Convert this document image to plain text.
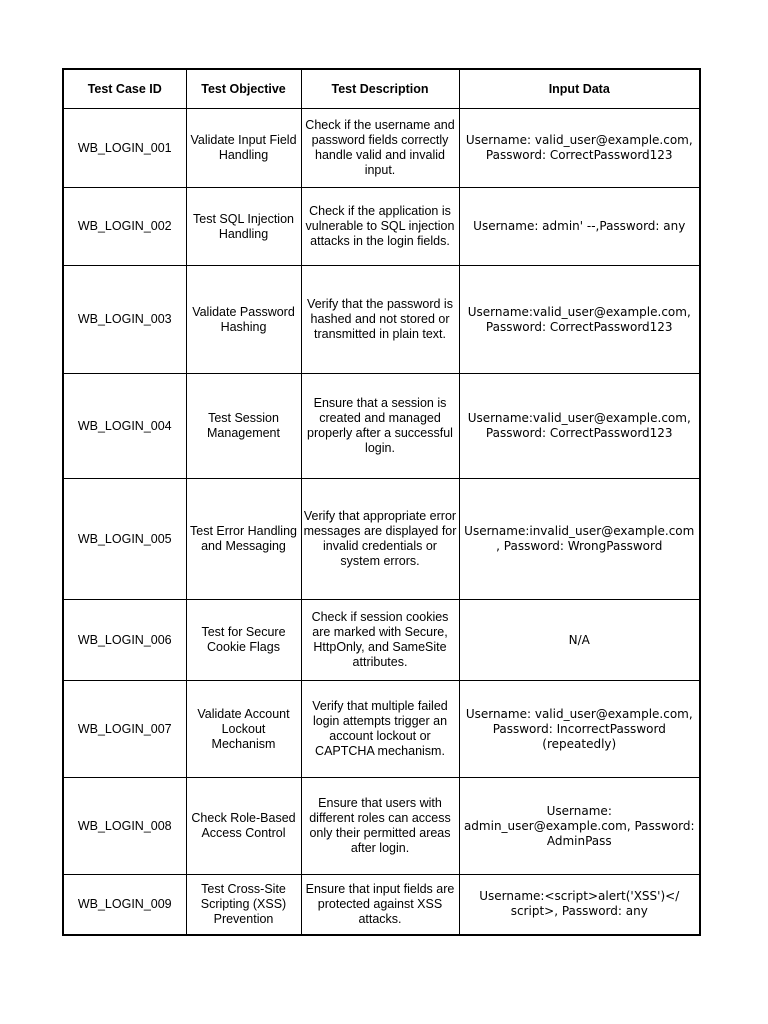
Test Case ID	Test Objective	Test Description	Input Data
WB_LOGIN_001	Validate Input Field Handling	Check if the username and password fields correctly handle valid and invalid input.	Username: valid_user@example.com, Password: CorrectPassword123
WB_LOGIN_002	Test SQL Injection Handling	Check if the application is vulnerable to SQL injection attacks in the login fields.	Username: admin' --,Password: any
WB_LOGIN_003	Validate Password Hashing	Verify that the password is hashed and not stored or transmitted in plain text.	Username:valid_user@example.com, Password: CorrectPassword123
WB_LOGIN_004	Test Session Management	Ensure that a session is created and managed properly after a successful login.	Username:valid_user@example.com, Password: CorrectPassword123
WB_LOGIN_005	Test Error Handling and Messaging	Verify that appropriate error messages are displayed for invalid credentials or system errors.	Username:invalid_user@example.com , Password: WrongPassword
WB_LOGIN_006	Test for Secure Cookie Flags	Check if session cookies are marked with Secure, HttpOnly, and SameSite attributes.	N/A
WB_LOGIN_007	Validate Account Lockout Mechanism	Verify that multiple failed login attempts trigger an account lockout or CAPTCHA mechanism.	Username: valid_user@example.com, Password: IncorrectPassword (repeatedly)
WB_LOGIN_008	Check Role-Based Access Control	Ensure that users with different roles can access only their permitted areas after login.	Username: admin_user@example.com, Password: AdminPass
WB_LOGIN_009	Test Cross-Site Scripting (XSS) Prevention	Ensure that input fields are protected against XSS attacks.	Username:<script>alert('XSS')</ script>, Password: any
